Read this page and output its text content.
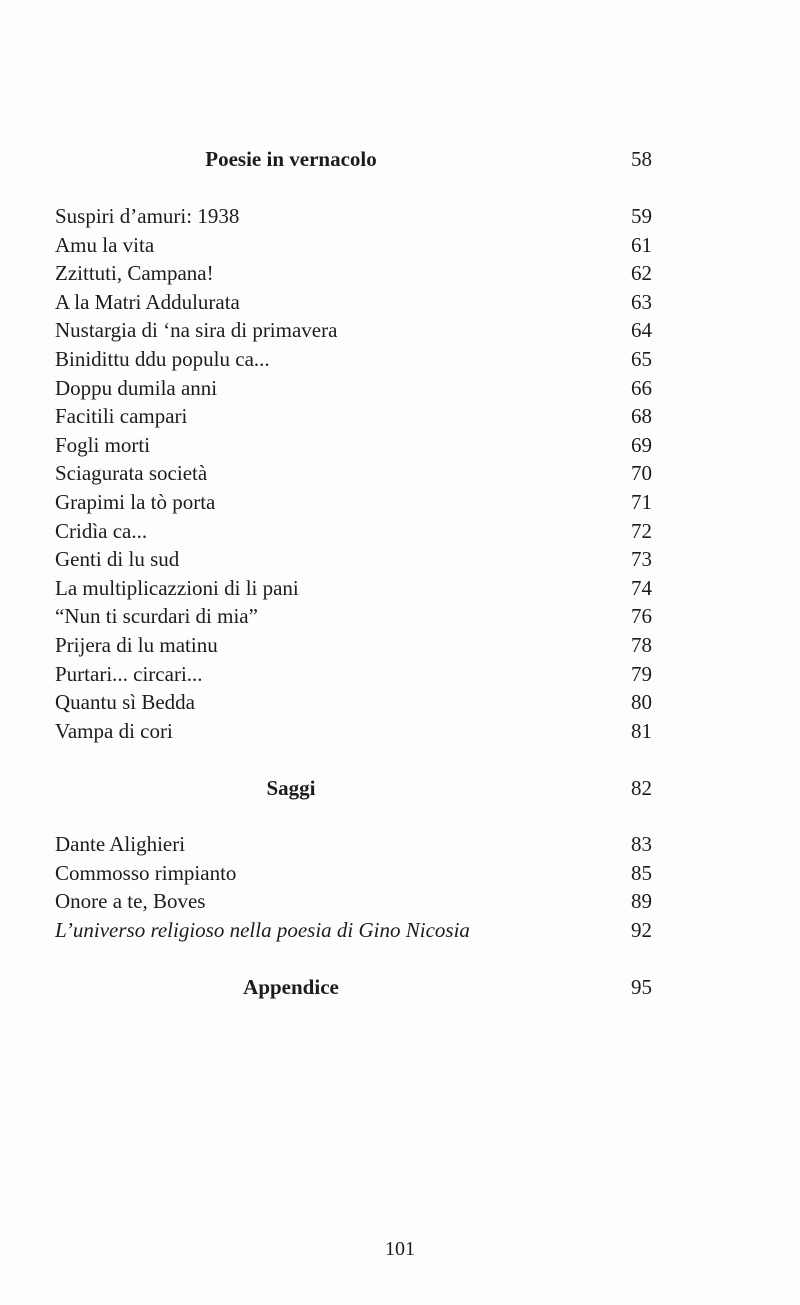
Poesie in vernacolo	58
Suspiri d’amuri: 1938	59
Amu la vita	61
Zzittuti, Campana!	62
A la Matri Addulurata	63
Nustargia di ‘na sira di primavera	64
Binidittu ddu populu ca...	65
Doppu dumila anni	66
Facitili campari	68
Fogli morti	69
Sciagurata società	70
Grapimi la tò porta	71
Cridìa ca...	72
Genti di lu sud	73
La multiplicazzioni di li pani	74
“Nun ti scurdari di mia”	76
Prijera di lu matinu	78
Purtari... circari...	79
Quantu sì Bedda	80
Vampa di cori	81
Saggi	82
Dante Alighieri	83
Commosso rimpianto	85
Onore a te, Boves	89
L’universo religioso nella poesia di Gino Nicosia	92
Appendice	95
101
